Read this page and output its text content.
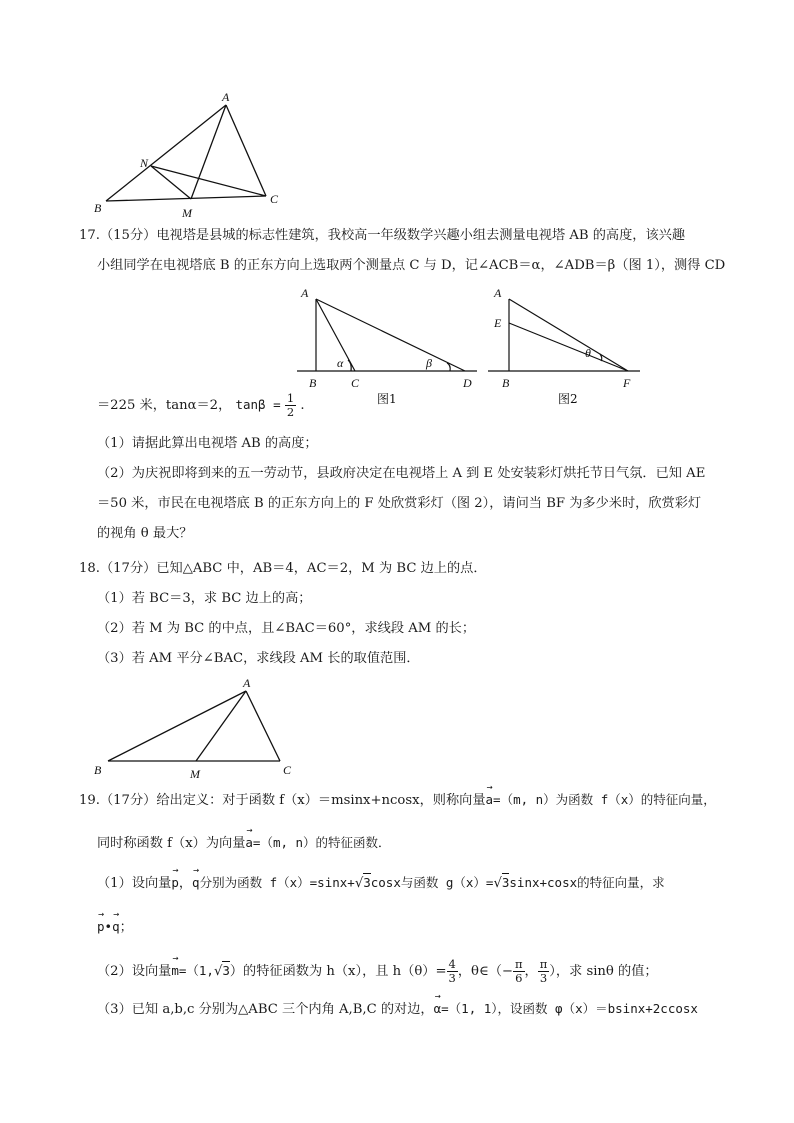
A
N
B	M
C
17.（15分）电视塔是县城的标志性建筑，我校高一年级数学兴趣小组去测量电视塔 AB 的高度，该兴趣
小组同学在电视塔底 B 的正东方向上选取两个测量点 C 与 D，记∠ACB＝α，∠ADB＝β（图 1），测得 CD
A
α	β
B	C	D
图1
A
E
θ
B	F
图2
＝225 米，tanα＝2， $\tan\beta = \frac{1}{2}$ .
（1）请据此算出电视塔 AB 的高度；
（2）为庆祝即将到来的五一劳动节，县政府决定在电视塔上 A 到 E 处安装彩灯烘托节日气氛．已知 AE
＝50 米，市民在电视塔底 B 的正东方向上的 F 处欣赏彩灯（图 2），请问当 BF 为多少米时，欣赏彩灯
的视角 θ 最大？
18.（17分）已知△ABC 中，AB＝4，AC＝2，M 为 BC 边上的点．
（1）若 BC＝3，求 BC 边上的高；
（2）若 M 为 BC 的中点，且∠BAC＝60°，求线段 AM 的长；
（3）若 AM 平分∠BAC，求线段 AM 长的取值范围．
A
B	M	C
19.（17分）给出定义：对于函数 f（x）＝msinx+ncosx，则称向量→ a=（m, n）为函数 f（x）的特征向量，
同时称函数 f（x）为向量→ a=（m, n）的特征函数．
（1）设向量→ p，→ q分别为函数 f（x）=sinx+√3cosx与函数 g（x）=√3sinx+cosx的特征向量，求
→ p•→ q；
（2）设向量→ m=（1,√3）的特征函数为 h（x），且 $h(\theta)= \frac{4}{3}$ ，θ∈（− $\frac{\pi}{6}$ ， $\frac{\pi}{3}$ ），求 sinθ 的值；
（3）已知 a,b,c 分别为△ABC 三个内角 A,B,C 的对边，→ α=（1, 1），设函数 φ（x）＝bsinx+2ccosx
